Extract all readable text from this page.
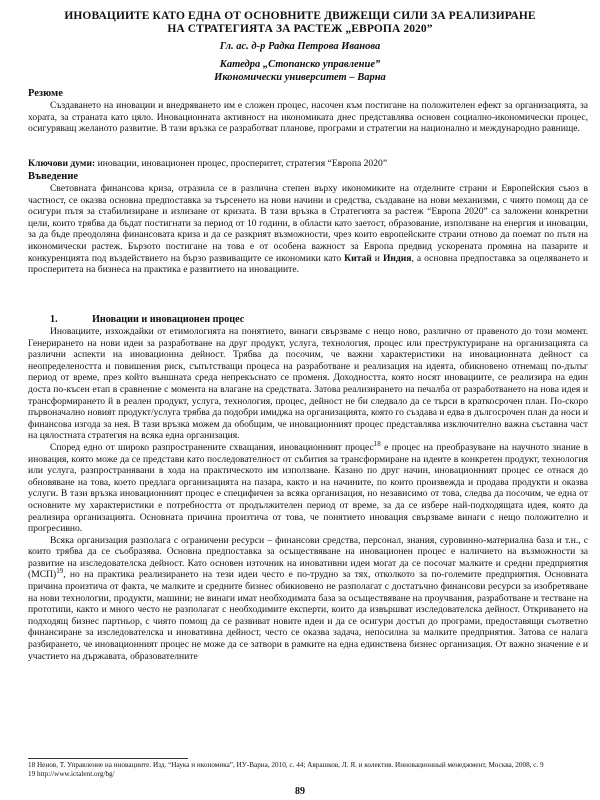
ИНОВАЦИИТЕ КАТО ЕДНА ОТ ОСНОВНИТЕ ДВИЖЕЩИ СИЛИ ЗА РЕАЛИЗИРАНЕ
НА СТРАТЕГИЯТА ЗА РАСТЕЖ „ЕВРОПА 2020”
Гл. ас. д-р Радка Петрова Иванова
Катедра „Стопанско управление”
Икономически университет – Варна
Резюме

Създаването на иновации и внедряването им е сложен процес, насочен към постигане на положителен ефект за организацията, за хората, за страната като цяло. Иновационната активност на икономиката днес представлява основен социално-икономически процес, осигуряващ желаното развитие. В тази връзка се разработват планове, програми и стратегии на национално и международно равнище.

Ключови думи: иновации, иновационен процес, просперитет, стратегия “Европа 2020”
Въведение

Световната финансова криза, отразила се в различна степен върху икономиките на отделните страни и Европейския съюз в частност, се оказва основна предпоставка за търсенето на нови начини и средства, създаване на нови механизми, с чиято помощ да се осигури пътя за стабилизиране и излизане от кризата. В тази връзка в Стратегията за растеж “Европа 2020” са заложени конкретни цели, които трябва да бъдат постигнати за период от 10 години, в области като заетост, образование, използване на енергия и иновации, за да бъде преодоляна финансовата криза и да се разкрият възможности, чрез които европейските страни отново да поемат по пътя на икономически растеж. Бързото постигане на това е от особена важност за Европа предвид ускорената промяна на пазарите и конкуренцията под въздействието на бързо развиващите се икономики като Китай и Индия, а основна предпоставка за оцеляването и просперитета на бизнеса на практика е развитието на иновациите.

1.	Иновации и иновационен процес

Иновациите, изхождайки от етимологията на понятието, винаги свързваме с нещо ново, различно от правеното до този момент. Генерирането на нови идеи за разработване на друг продукт, услуга, технология, процес или преструктуриране на организацията са различни аспекти на иновационна дейност. Трябва да посочим, че важни характеристики на иновационната дейност са неопределеността и повишения риск, съпътстващи процеса на разработване и реализация на идеята, обикновено отнемащ по-дълъг период от време, през който външната среда непрекъснато се променя. Доходността, която носят иновациите, се реализира на един доста по-късен етап в сравнение с момента на влагане на средствата. Затова реализирането на печалба от разработването на нова идея и трансформирането й в реален продукт, услуга, технология, процес, дейност не би следвало да се търси в краткосрочен план. По-скоро първоначално новият продукт/услуга трябва да подобри имиджа на организацията, която го създава и едва в дългосрочен план да носи и финансова изгода за нея. В тази връзка можем да обобщим, че иновационният процес представлява изключително важна съставна част на цялостната стратегия на всяка една организация.

Според едно от широко разпространените схващания, иновационният процес$^{18}$ е процес на преобразуване на научното знание в иновация, която може да се представи като последователност от събития за трансформиране на идеите в конкретен продукт, технология или услуга, разпространявани в хода на практическото им използване. Казано по друг начин, иновационният процес се отнася до обновяване на това, което предлага организацията на пазара, както и на начините, по които произвежда и продава продукти и оказва услуги. В тази връзка иновационният процес е специфичен за всяка организация, но независимо от това, следва да посочим, че една от основните му характеристики е потребността от продължителен период от време, за да се избере най-подходящата идея, която да реализира организацията. Основната причина произтича от това, че понятието иновация свързваме винаги с нещо положително и прогресивно.

Всяка организация разполага с ограничени ресурси – финансови средства, персонал, знания, суровинно-материална база и т.н., с които трябва да се съобразява. Основна предпоставка за осъществяване на иновационен процес е наличието на възможности за развитие на изследователска дейност. Като основен източник на иновативни идеи могат да се посочат малките и средни предприятия (МСП)$^{19}$, но на практика реализирането на тези идеи често е по-трудно за тях, отколкото за по-големите предприятия. Основната причина произтича от факта, че малките и средните бизнес обикновено не разполагат с достатъчно финансови ресурси за изобретяване на нови технологии, продукти, машини; не винаги имат необходимата база за осъществяване на проучвания, разработване и тестване на прототипи, както и много често не разполагат с необходимите експерти, които да извършват изследователска дейност. Откриването на подходящ бизнес партньор, с чиято помощ да се развиват новите идеи и да се осигури достъп до програми, предоставящи съответно финансиране за изследователска и иновативна дейност, често се оказва задача, непосилна за малките предприятия. Затова се налага разбирането, че иновационният процес не може да се затвори в рамките на една единствена бизнес организация. От важно значение е и участието на държавата, образователните

18 Ненов, Т. Управление на иновациите. Изд. “Наука и икономика”, ИУ-Варна, 2010, с. 44; Аврашков, Л. Я. и колектив. Инновационный менеджмент, Москва, 2008, с. 9
19 http://www.ictalent.org/bg/
89
